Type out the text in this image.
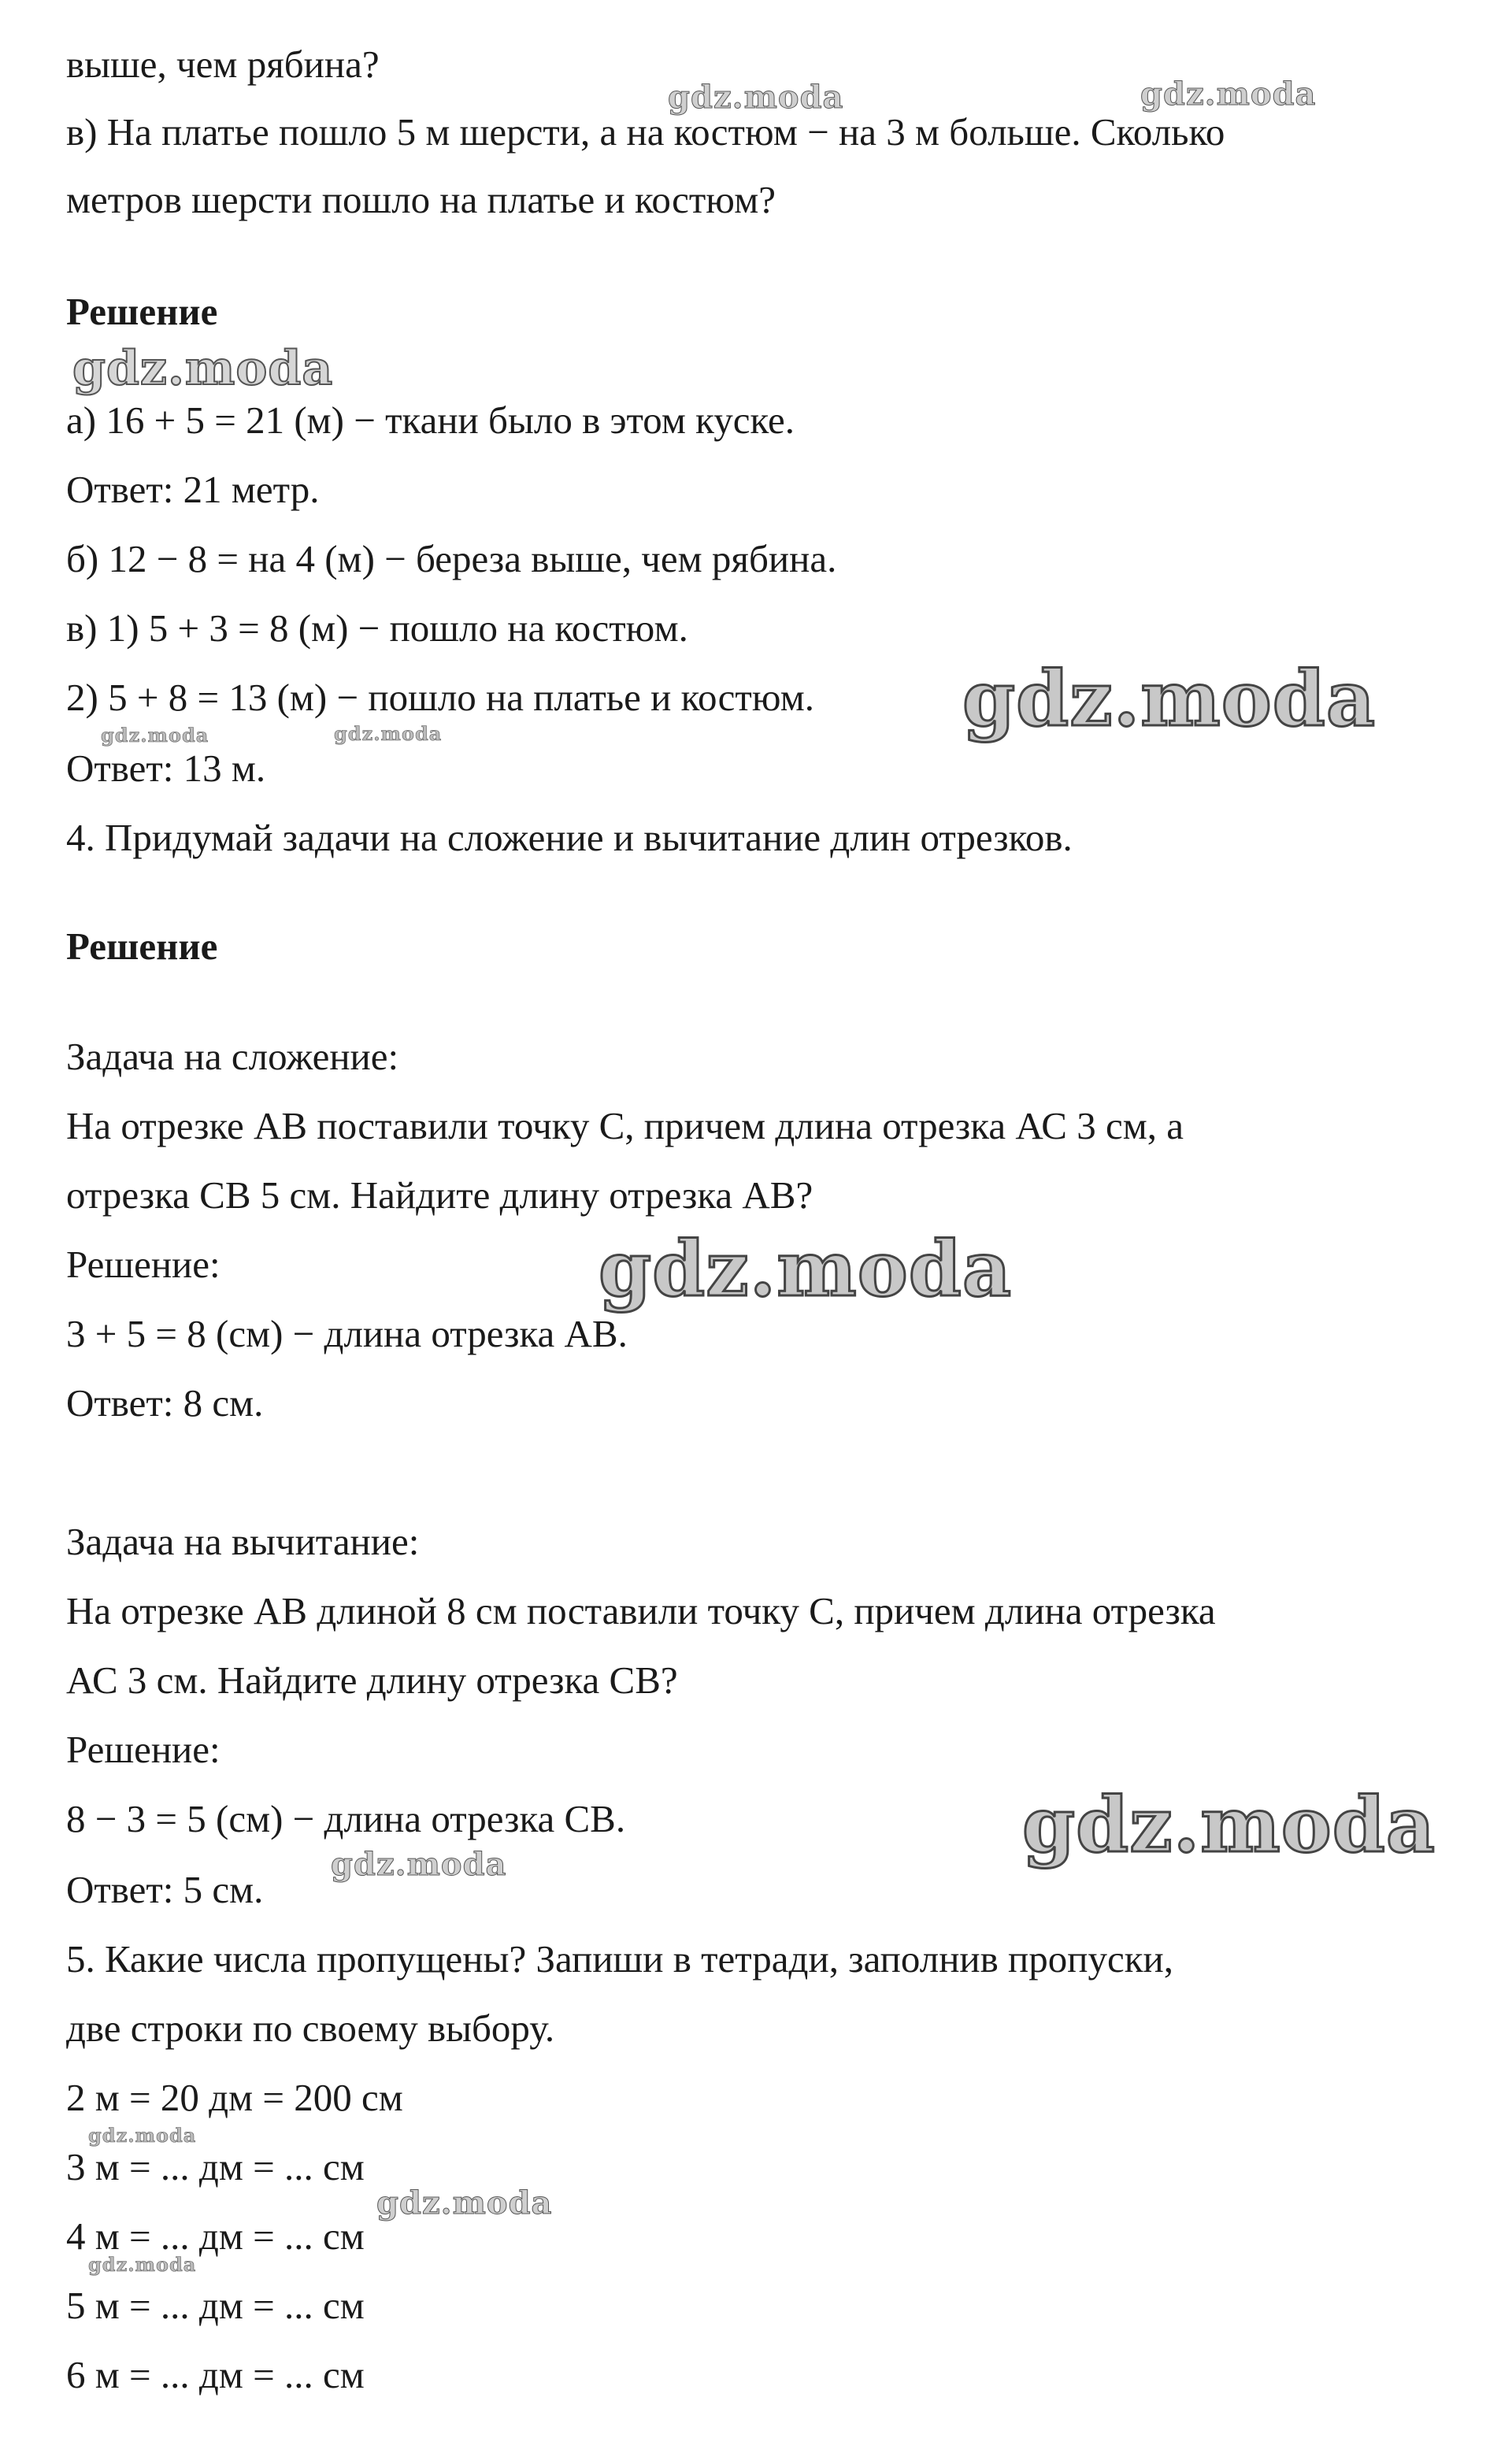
выше, чем рябина?
в) На платье пошло 5 м шерсти, а на костюм − на 3 м больше. Сколько
метров шерсти пошло на платье и костюм?
Решение
а) 16 + 5 = 21 (м) − ткани было в этом куске.
Ответ: 21 метр.
б) 12 − 8 = на 4 (м) − береза выше, чем рябина.
в) 1) 5 + 3 = 8 (м) − пошло на костюм.
2) 5 + 8 = 13 (м) − пошло на платье и костюм.
Ответ: 13 м.
4. Придумай задачи на сложение и вычитание длин отрезков.
Решение
Задача на сложение:
На отрезке АВ поставили точку С, причем длина отрезка АС 3 см, а
отрезка СВ 5 см. Найдите длину отрезка АВ?
Решение:
3 + 5 = 8 (см) − длина отрезка АВ.
Ответ: 8 см.
Задача на вычитание:
На отрезке АВ длиной 8 см поставили точку С, причем длина отрезка
АС 3 см. Найдите длину отрезка СВ?
Решение:
8 − 3 = 5 (см) − длина отрезка СВ.
Ответ: 5 см.
5. Какие числа пропущены? Запиши в тетради, заполнив пропуски,
две строки по своему выбору.
2 м = 20 дм = 200 см
3 м = ... дм = ... см
4 м = ... дм = ... см
5 м = ... дм = ... см
6 м = ... дм = ... см
gdz.moda	gdz.moda
gdz.moda
gdz.moda
gdz.moda	gdz.moda
gdz.moda
gdz.moda
gdz.moda
gdz.moda
gdz.moda
gdz.moda
